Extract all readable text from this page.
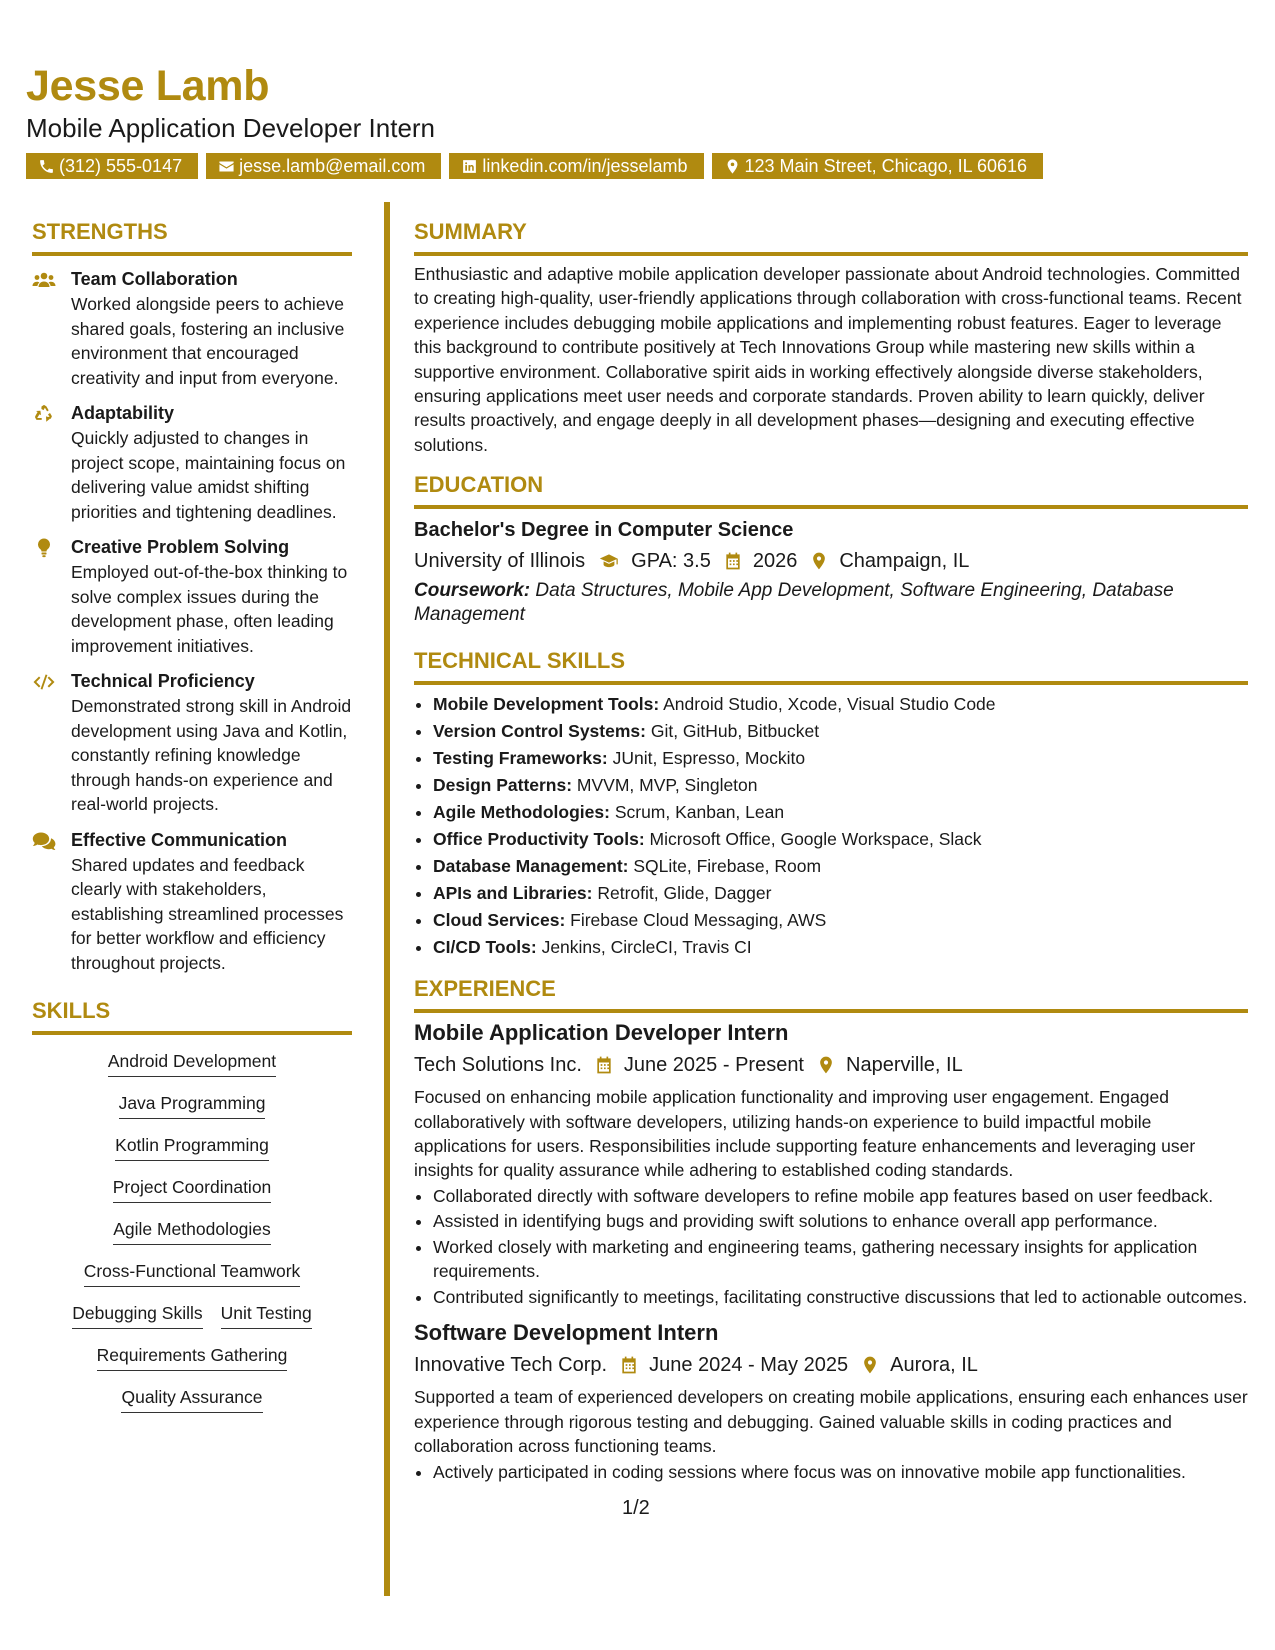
Jesse Lamb
Mobile Application Developer Intern
(312) 555-0147	jesse.lamb@email.com	linkedin.com/in/jesselamb	123 Main Street, Chicago, IL 60616
STRENGTHS
Team Collaboration
Worked alongside peers to achieve shared goals, fostering an inclusive environment that encouraged creativity and input from everyone.
Adaptability
Quickly adjusted to changes in project scope, maintaining focus on delivering value amidst shifting priorities and tightening deadlines.
Creative Problem Solving
Employed out-of-the-box thinking to solve complex issues during the development phase, often leading improvement initiatives.
Technical Proficiency
Demonstrated strong skill in Android development using Java and Kotlin, constantly refining knowledge through hands-on experience and real-world projects.
Effective Communication
Shared updates and feedback clearly with stakeholders, establishing streamlined processes for better workflow and efficiency throughout projects.
SKILLS
Android Development
Java Programming
Kotlin Programming
Project Coordination
Agile Methodologies
Cross-Functional Teamwork
Debugging Skills Unit Testing
Requirements Gathering
Quality Assurance
SUMMARY
Enthusiastic and adaptive mobile application developer passionate about Android technologies. Committed to creating high-quality, user-friendly applications through collaboration with cross-functional teams. Recent experience includes debugging mobile applications and implementing robust features. Eager to leverage this background to contribute positively at Tech Innovations Group while mastering new skills within a supportive environment. Collaborative spirit aids in working effectively alongside diverse stakeholders, ensuring applications meet user needs and corporate standards. Proven ability to learn quickly, deliver results proactively, and engage deeply in all development phases—designing and executing effective solutions.
EDUCATION
Bachelor's Degree in Computer Science
University of Illinois GPA: 3.5 2026 Champaign, IL
Coursework: Data Structures, Mobile App Development, Software Engineering, Database Management
TECHNICAL SKILLS
• Mobile Development Tools: Android Studio, Xcode, Visual Studio Code
• Version Control Systems: Git, GitHub, Bitbucket
• Testing Frameworks: JUnit, Espresso, Mockito
• Design Patterns: MVVM, MVP, Singleton
• Agile Methodologies: Scrum, Kanban, Lean
• Office Productivity Tools: Microsoft Office, Google Workspace, Slack
• Database Management: SQLite, Firebase, Room
• APIs and Libraries: Retrofit, Glide, Dagger
• Cloud Services: Firebase Cloud Messaging, AWS
• CI/CD Tools: Jenkins, CircleCI, Travis CI
EXPERIENCE
Mobile Application Developer Intern
Tech Solutions Inc. June 2025 - Present Naperville, IL
Focused on enhancing mobile application functionality and improving user engagement. Engaged collaboratively with software developers, utilizing hands-on experience to build impactful mobile applications for users. Responsibilities include supporting feature enhancements and leveraging user insights for quality assurance while adhering to established coding standards.
• Collaborated directly with software developers to refine mobile app features based on user feedback.
• Assisted in identifying bugs and providing swift solutions to enhance overall app performance.
• Worked closely with marketing and engineering teams, gathering necessary insights for application requirements.
• Contributed significantly to meetings, facilitating constructive discussions that led to actionable outcomes.
Software Development Intern
Innovative Tech Corp. June 2024 - May 2025 Aurora, IL
Supported a team of experienced developers on creating mobile applications, ensuring each enhances user experience through rigorous testing and debugging. Gained valuable skills in coding practices and collaboration across functioning teams.
• Actively participated in coding sessions where focus was on innovative mobile app functionalities.
1/2
